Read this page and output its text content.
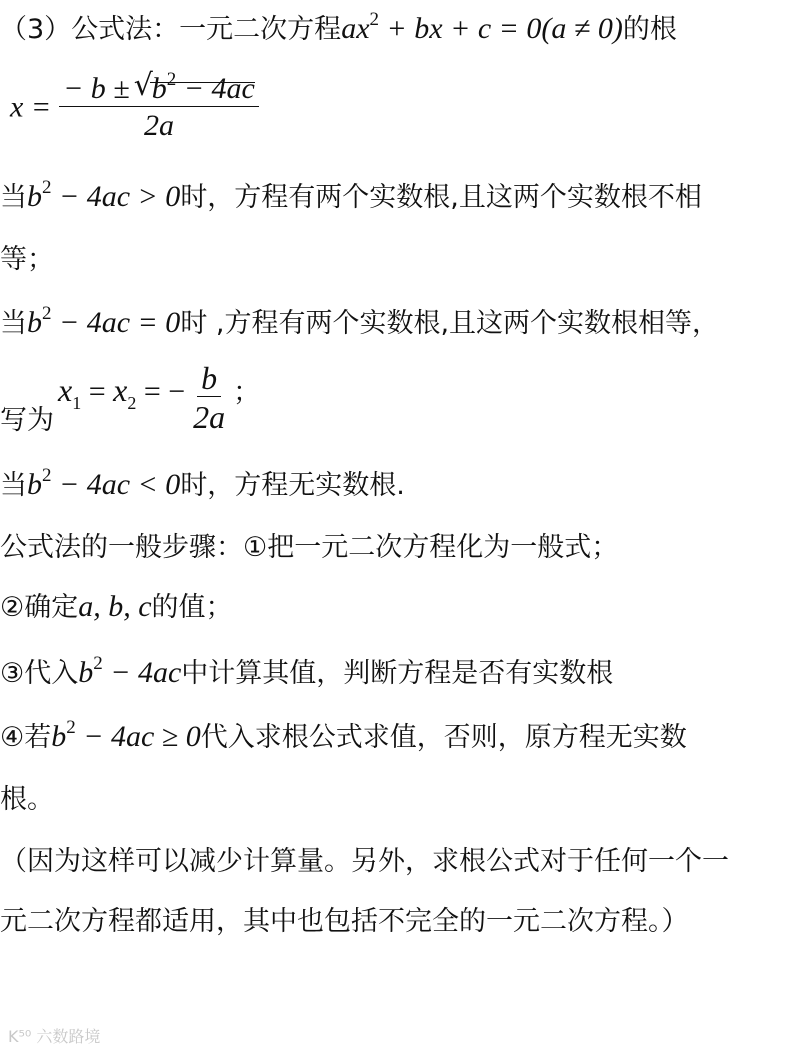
（3）公式法：一元二次方程ax2 + bx + c = 0(a ≠ 0)的根
x = − b ± √
b2 − 4ac
2a
当b2 − 4ac > 0时，方程有两个实数根,且这两个实数根不相
等；
当b2 − 4ac = 0时 ,方程有两个实数根,且这两个实数根相等，
写为 x1 = x2 = − $\frac{b}{2a}$ ；
当b2 − 4ac < 0时，方程无实数根.
公式法的一般步骤：①把一元二次方程化为一般式；
②确定a, b, c的值；
③代入b2 − 4ac中计算其值，判断方程是否有实数根
④若b2 − 4ac ≥ 0代入求根公式求值，否则，原方程无实数
根。
（因为这样可以减少计算量。另外，求根公式对于任何一个一
元二次方程都适用，其中也包括不完全的一元二次方程。）
K⁵⁰ 六数路境
